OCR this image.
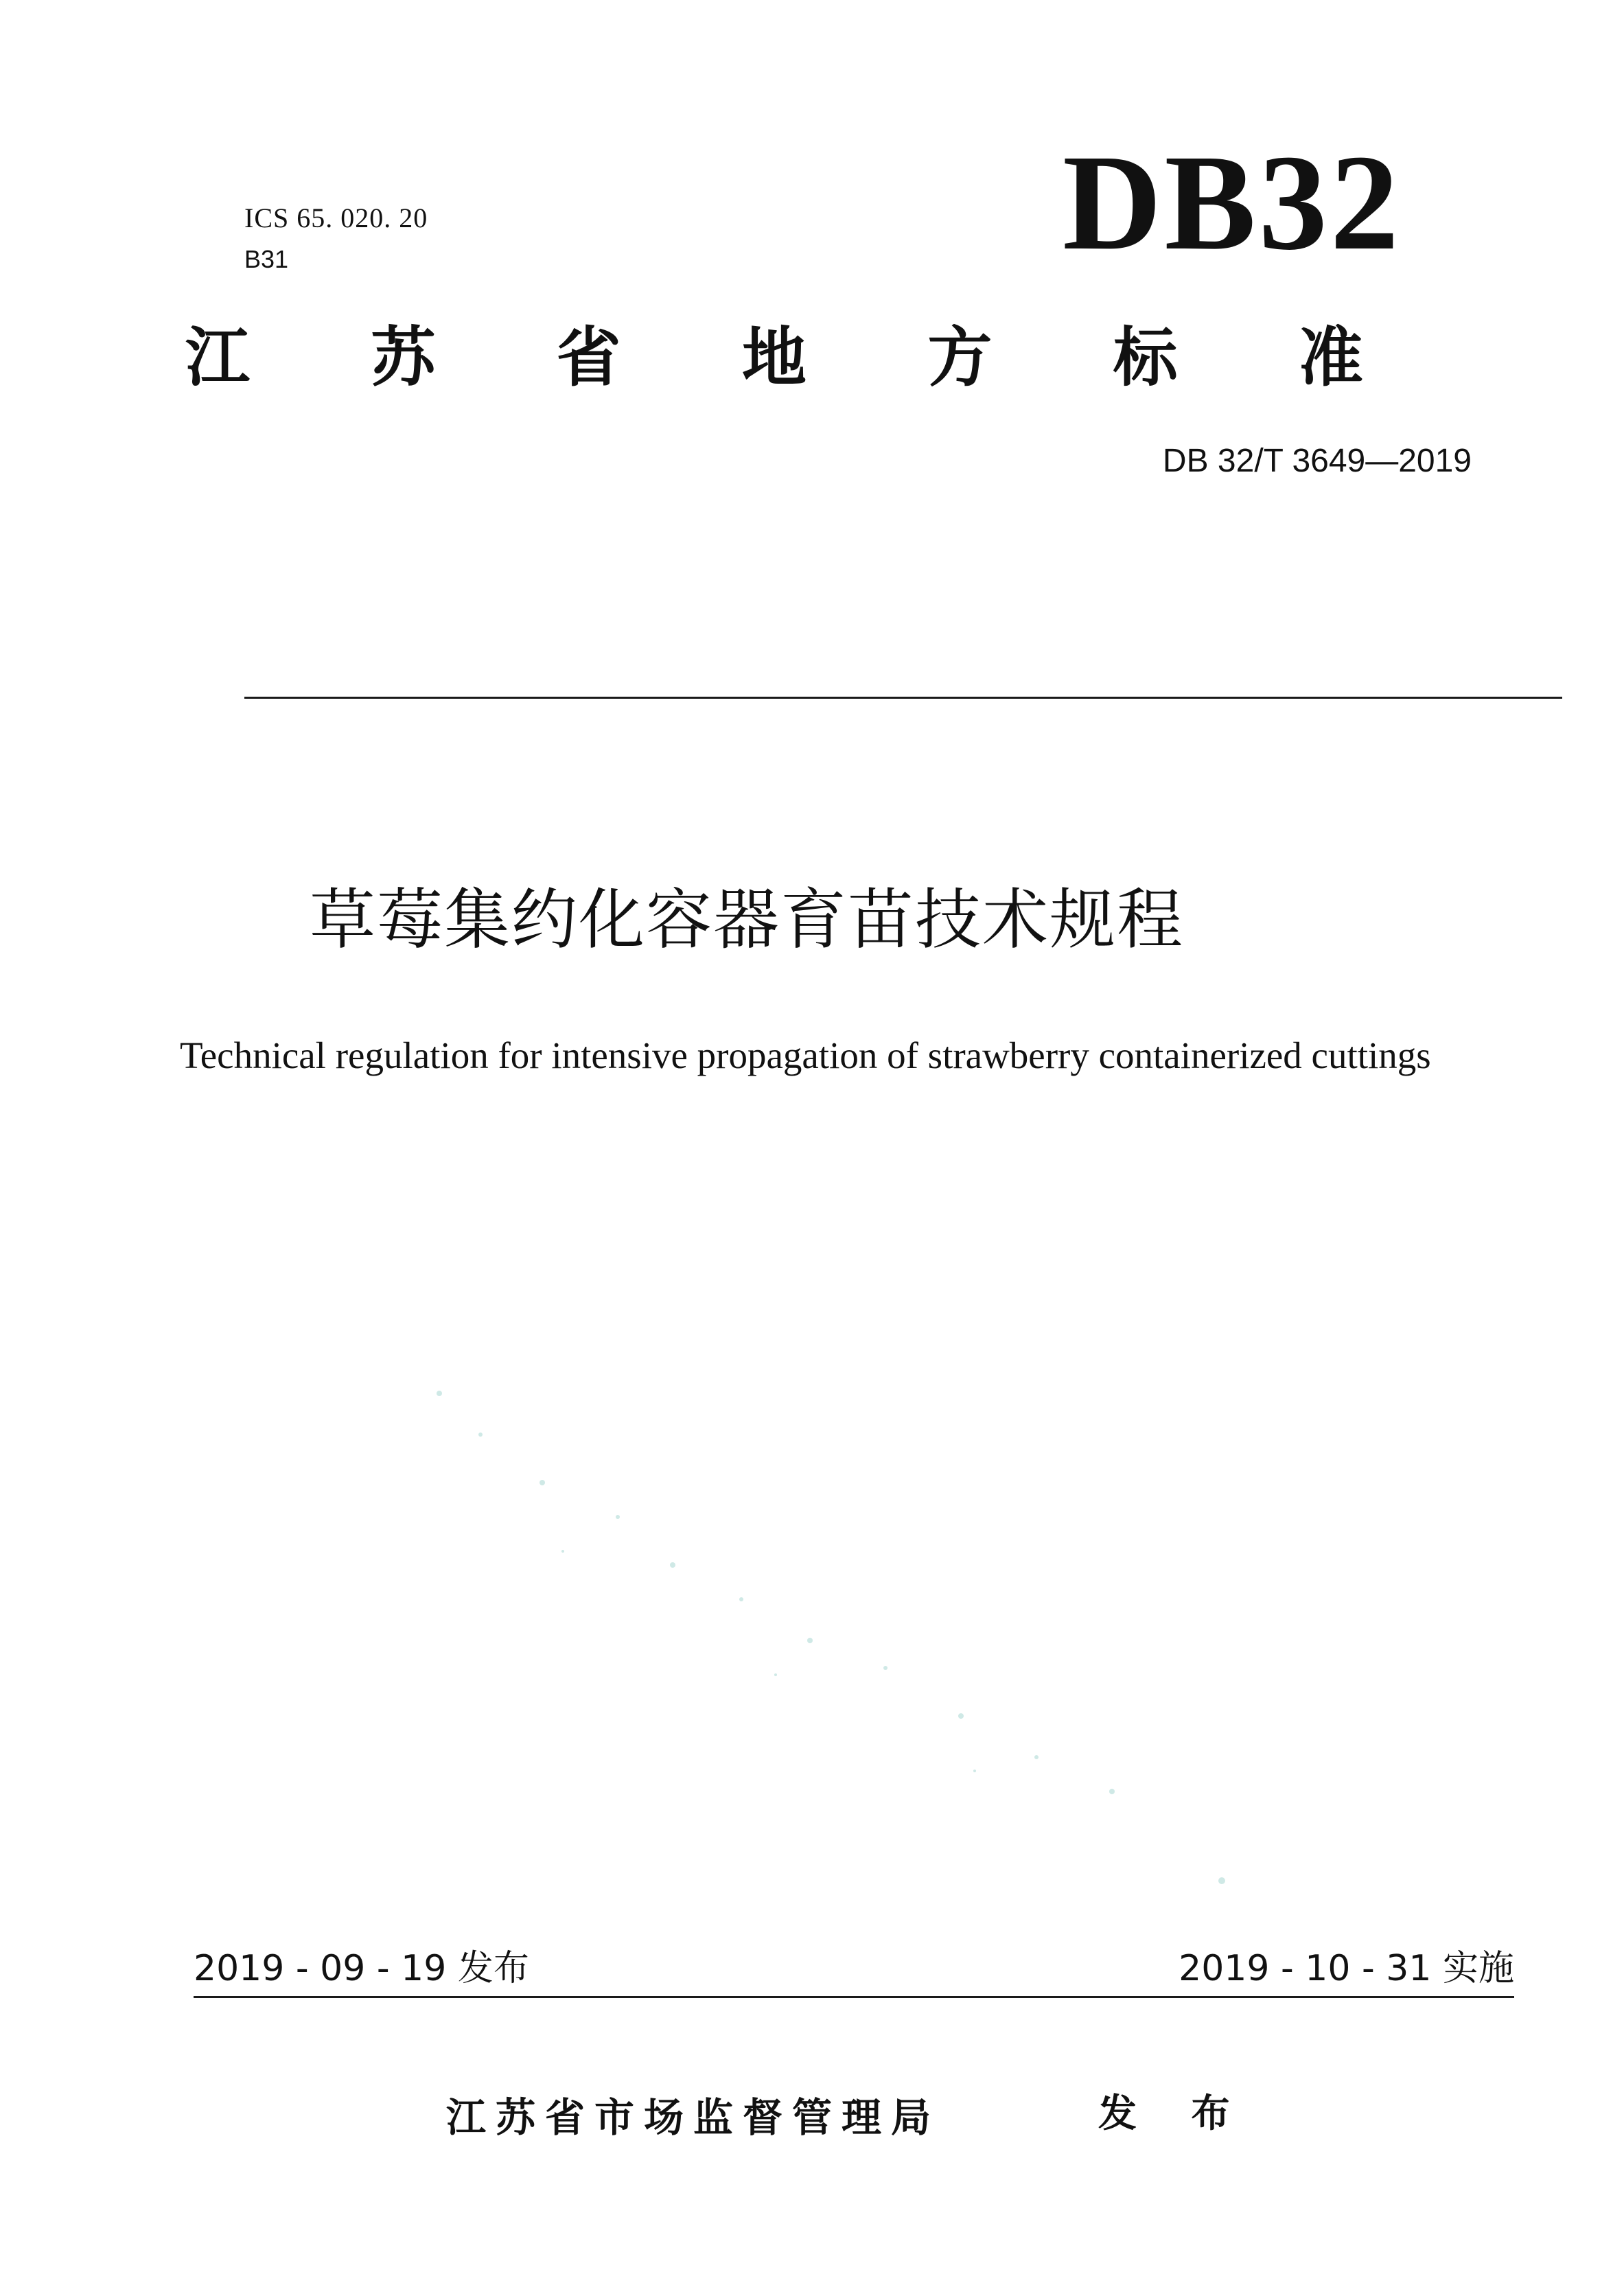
ICS 65. 020. 20
B31	DB32
江 苏 省 地 方 标 准
DB 32/T 3649—2019
草莓集约化容器育苗技术规程
Technical regulation for intensive propagation of strawberry containerized cuttings
2019 - 09 - 19 发布	2019 - 10 - 31 实施
江苏省市场监督管理局	发 布
